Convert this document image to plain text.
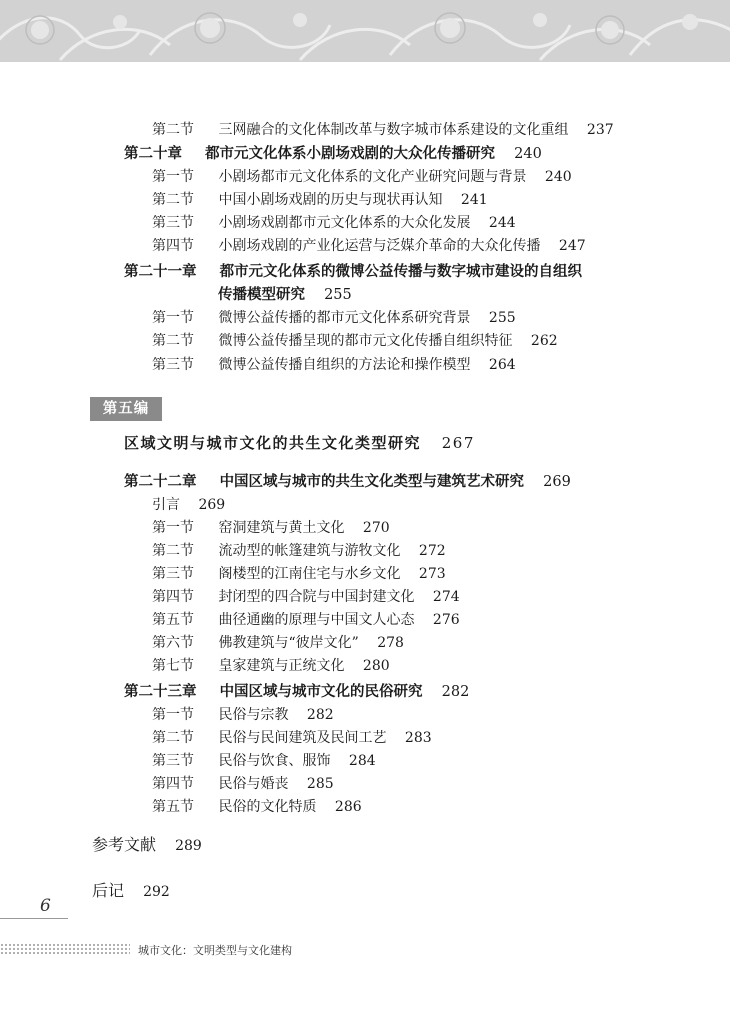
第二节 三网融合的文化体制改革与数字城市体系建设的文化重组 237
第二十章 都市元文化体系小剧场戏剧的大众化传播研究 240
第一节 小剧场都市元文化体系的文化产业研究问题与背景 240
第二节 中国小剧场戏剧的历史与现状再认知 241
第三节 小剧场戏剧都市元文化体系的大众化发展 244
第四节 小剧场戏剧的产业化运营与泛媒介革命的大众化传播 247
第二十一章 都市元文化体系的微博公益传播与数字城市建设的自组织
传播模型研究 255
第一节 微博公益传播的都市元文化体系研究背景 255
第二节 微博公益传播呈现的都市元文化传播自组织特征 262
第三节 微博公益传播自组织的方法论和操作模型 264
第五编
区域文明与城市文化的共生文化类型研究 267
第二十二章 中国区域与城市的共生文化类型与建筑艺术研究 269
引言 269
第一节 窑洞建筑与黄土文化 270
第二节 流动型的帐篷建筑与游牧文化 272
第三节 阁楼型的江南住宅与水乡文化 273
第四节 封闭型的四合院与中国封建文化 274
第五节 曲径通幽的原理与中国文人心态 276
第六节 佛教建筑与“彼岸文化” 278
第七节 皇家建筑与正统文化 280
第二十三章 中国区域与城市文化的民俗研究 282
第一节 民俗与宗教 282
第二节 民俗与民间建筑及民间工艺 283
第三节 民俗与饮食、服饰 284
第四节 民俗与婚丧 285
第五节 民俗的文化特质 286
参考文献 289
后记 292
6
城市文化：文明类型与文化建构
